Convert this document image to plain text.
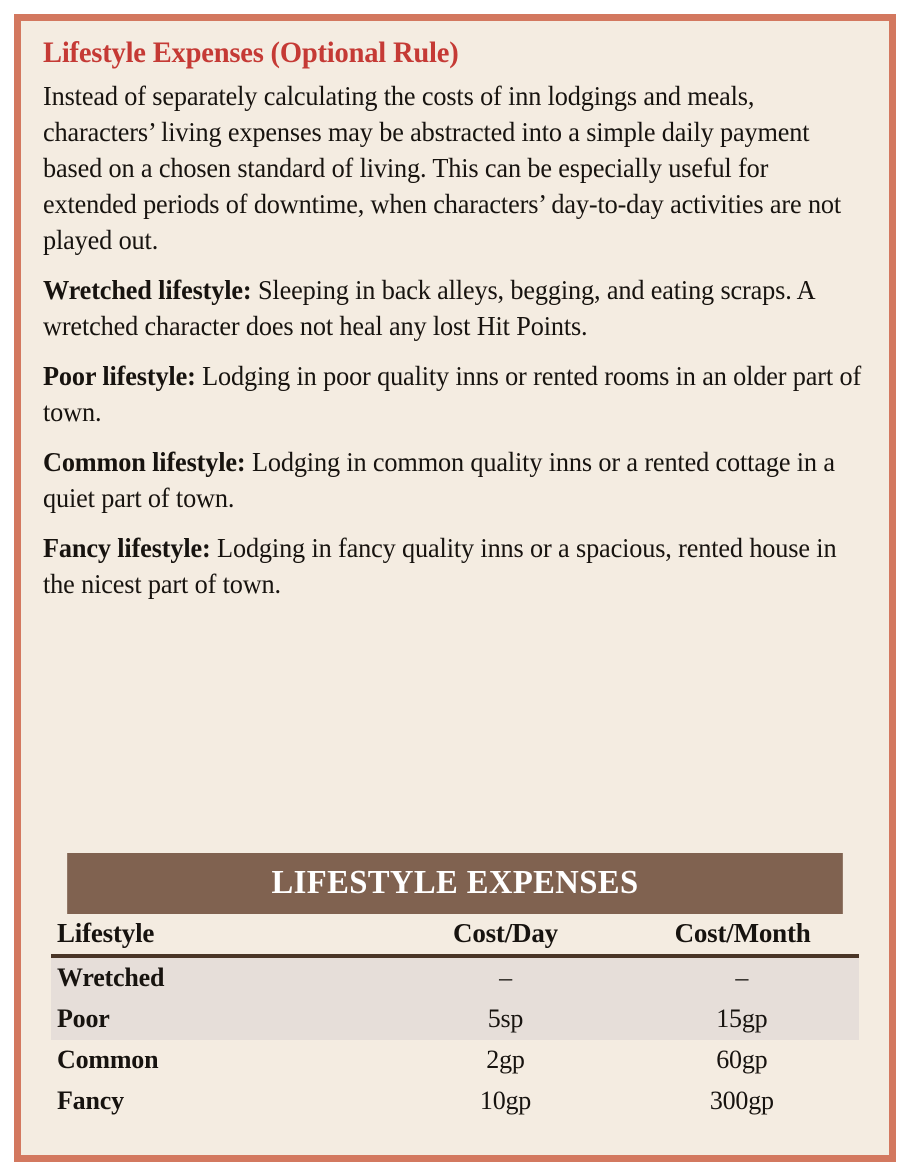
Lifestyle Expenses (Optional Rule)

Instead of separately calculating the costs of inn lodgings and meals, characters’ living expenses may be abstracted into a simple daily payment based on a chosen standard of living. This can be especially useful for extended periods of downtime, when characters’ day-to-day activities are not played out.

Wretched lifestyle: Sleeping in back alleys, begging, and eating scraps. A wretched character does not heal any lost Hit Points.

Poor lifestyle: Lodging in poor quality inns or rented rooms in an older part of town.

Common lifestyle: Lodging in common quality inns or a rented cottage in a quiet part of town.

Fancy lifestyle: Lodging in fancy quality inns or a spacious, rented house in the nicest part of town.

LIFESTYLE EXPENSES
Lifestyle	Cost/Day	Cost/Month
Wretched	–	–
Poor	5sp	15gp
Common	2gp	60gp
Fancy	10gp	300gp
